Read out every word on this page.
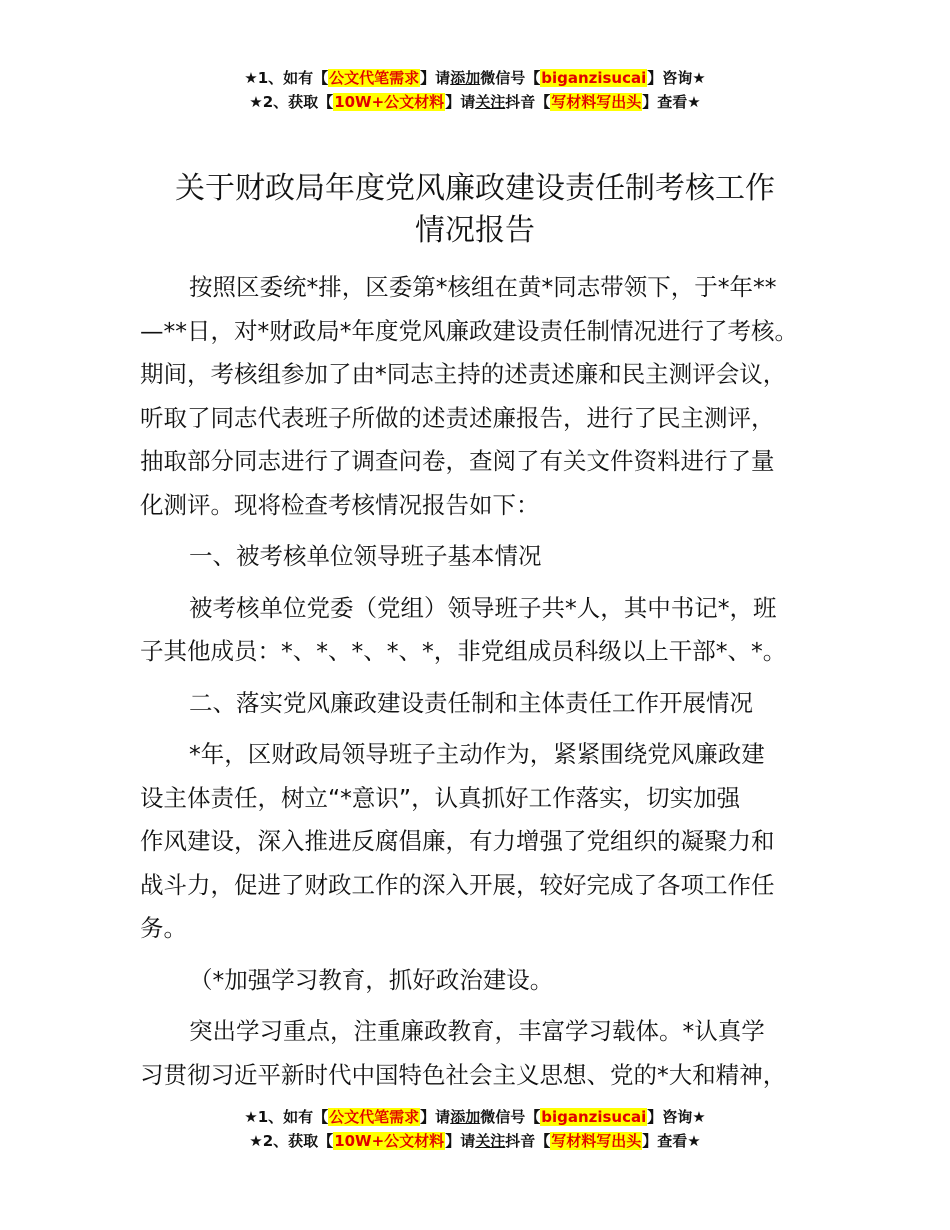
★1、如有【公文代笔需求】请添加微信号【biganzisucai】咨询★
★2、获取【10W+公文材料】请关注抖音【写材料写出头】查看★
关于财政局年度党风廉政建设责任制考核工作
情况报告
按照区委统*排，区委第*核组在黄*同志带领下，于*年**
—**日，对*财政局*年度党风廉政建设责任制情况进行了考核。
期间，考核组参加了由*同志主持的述责述廉和民主测评会议，
听取了同志代表班子所做的述责述廉报告，进行了民主测评，
抽取部分同志进行了调查问卷，查阅了有关文件资料进行了量
化测评。现将检查考核情况报告如下：
一、被考核单位领导班子基本情况
被考核单位党委（党组）领导班子共*人，其中书记*，班
子其他成员：*、*、*、*、*，非党组成员科级以上干部*、*。
二、落实党风廉政建设责任制和主体责任工作开展情况
*年，区财政局领导班子主动作为，紧紧围绕党风廉政建
设主体责任，树立“*意识”，认真抓好工作落实，切实加强
作风建设，深入推进反腐倡廉，有力增强了党组织的凝聚力和
战斗力，促进了财政工作的深入开展，较好完成了各项工作任
务。
（*加强学习教育，抓好政治建设。
突出学习重点，注重廉政教育，丰富学习载体。*认真学
习贯彻习近平新时代中国特色社会主义思想、党的*大和精神，
★1、如有【公文代笔需求】请添加微信号【biganzisucai】咨询★
★2、获取【10W+公文材料】请关注抖音【写材料写出头】查看★
